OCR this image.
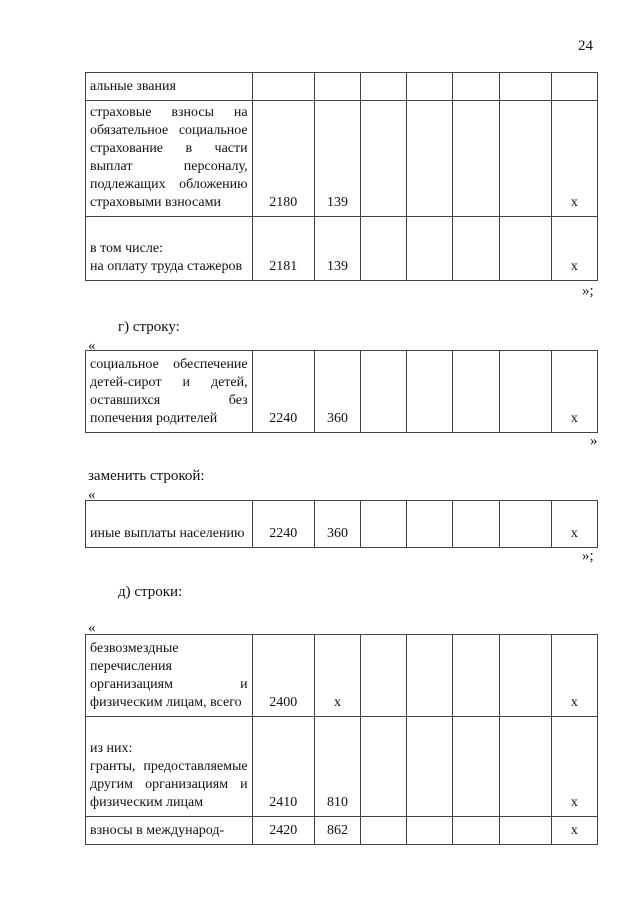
24
альные звания							
страховые взносы на обязательное социальное страхование в части выплат персоналу, подлежащих обложению страховыми взносами	2180	139					х
в том числе:
на оплату труда стажеров	2181	139					х
»;
г) строку:
«
социальное обеспечение детей-сирот и детей, оставшихся без попечения родителей	2240	360					х
»
заменить строкой:
«
иные выплаты населению	2240	360					х
»;
д) строки:
«
безвозмездные перечисления организациям и физическим лицам, всего	2400	х					х
из них:
гранты, предоставляемые другим организациям и физическим лицам	2410	810					х
взносы в международ-	2420	862					х
